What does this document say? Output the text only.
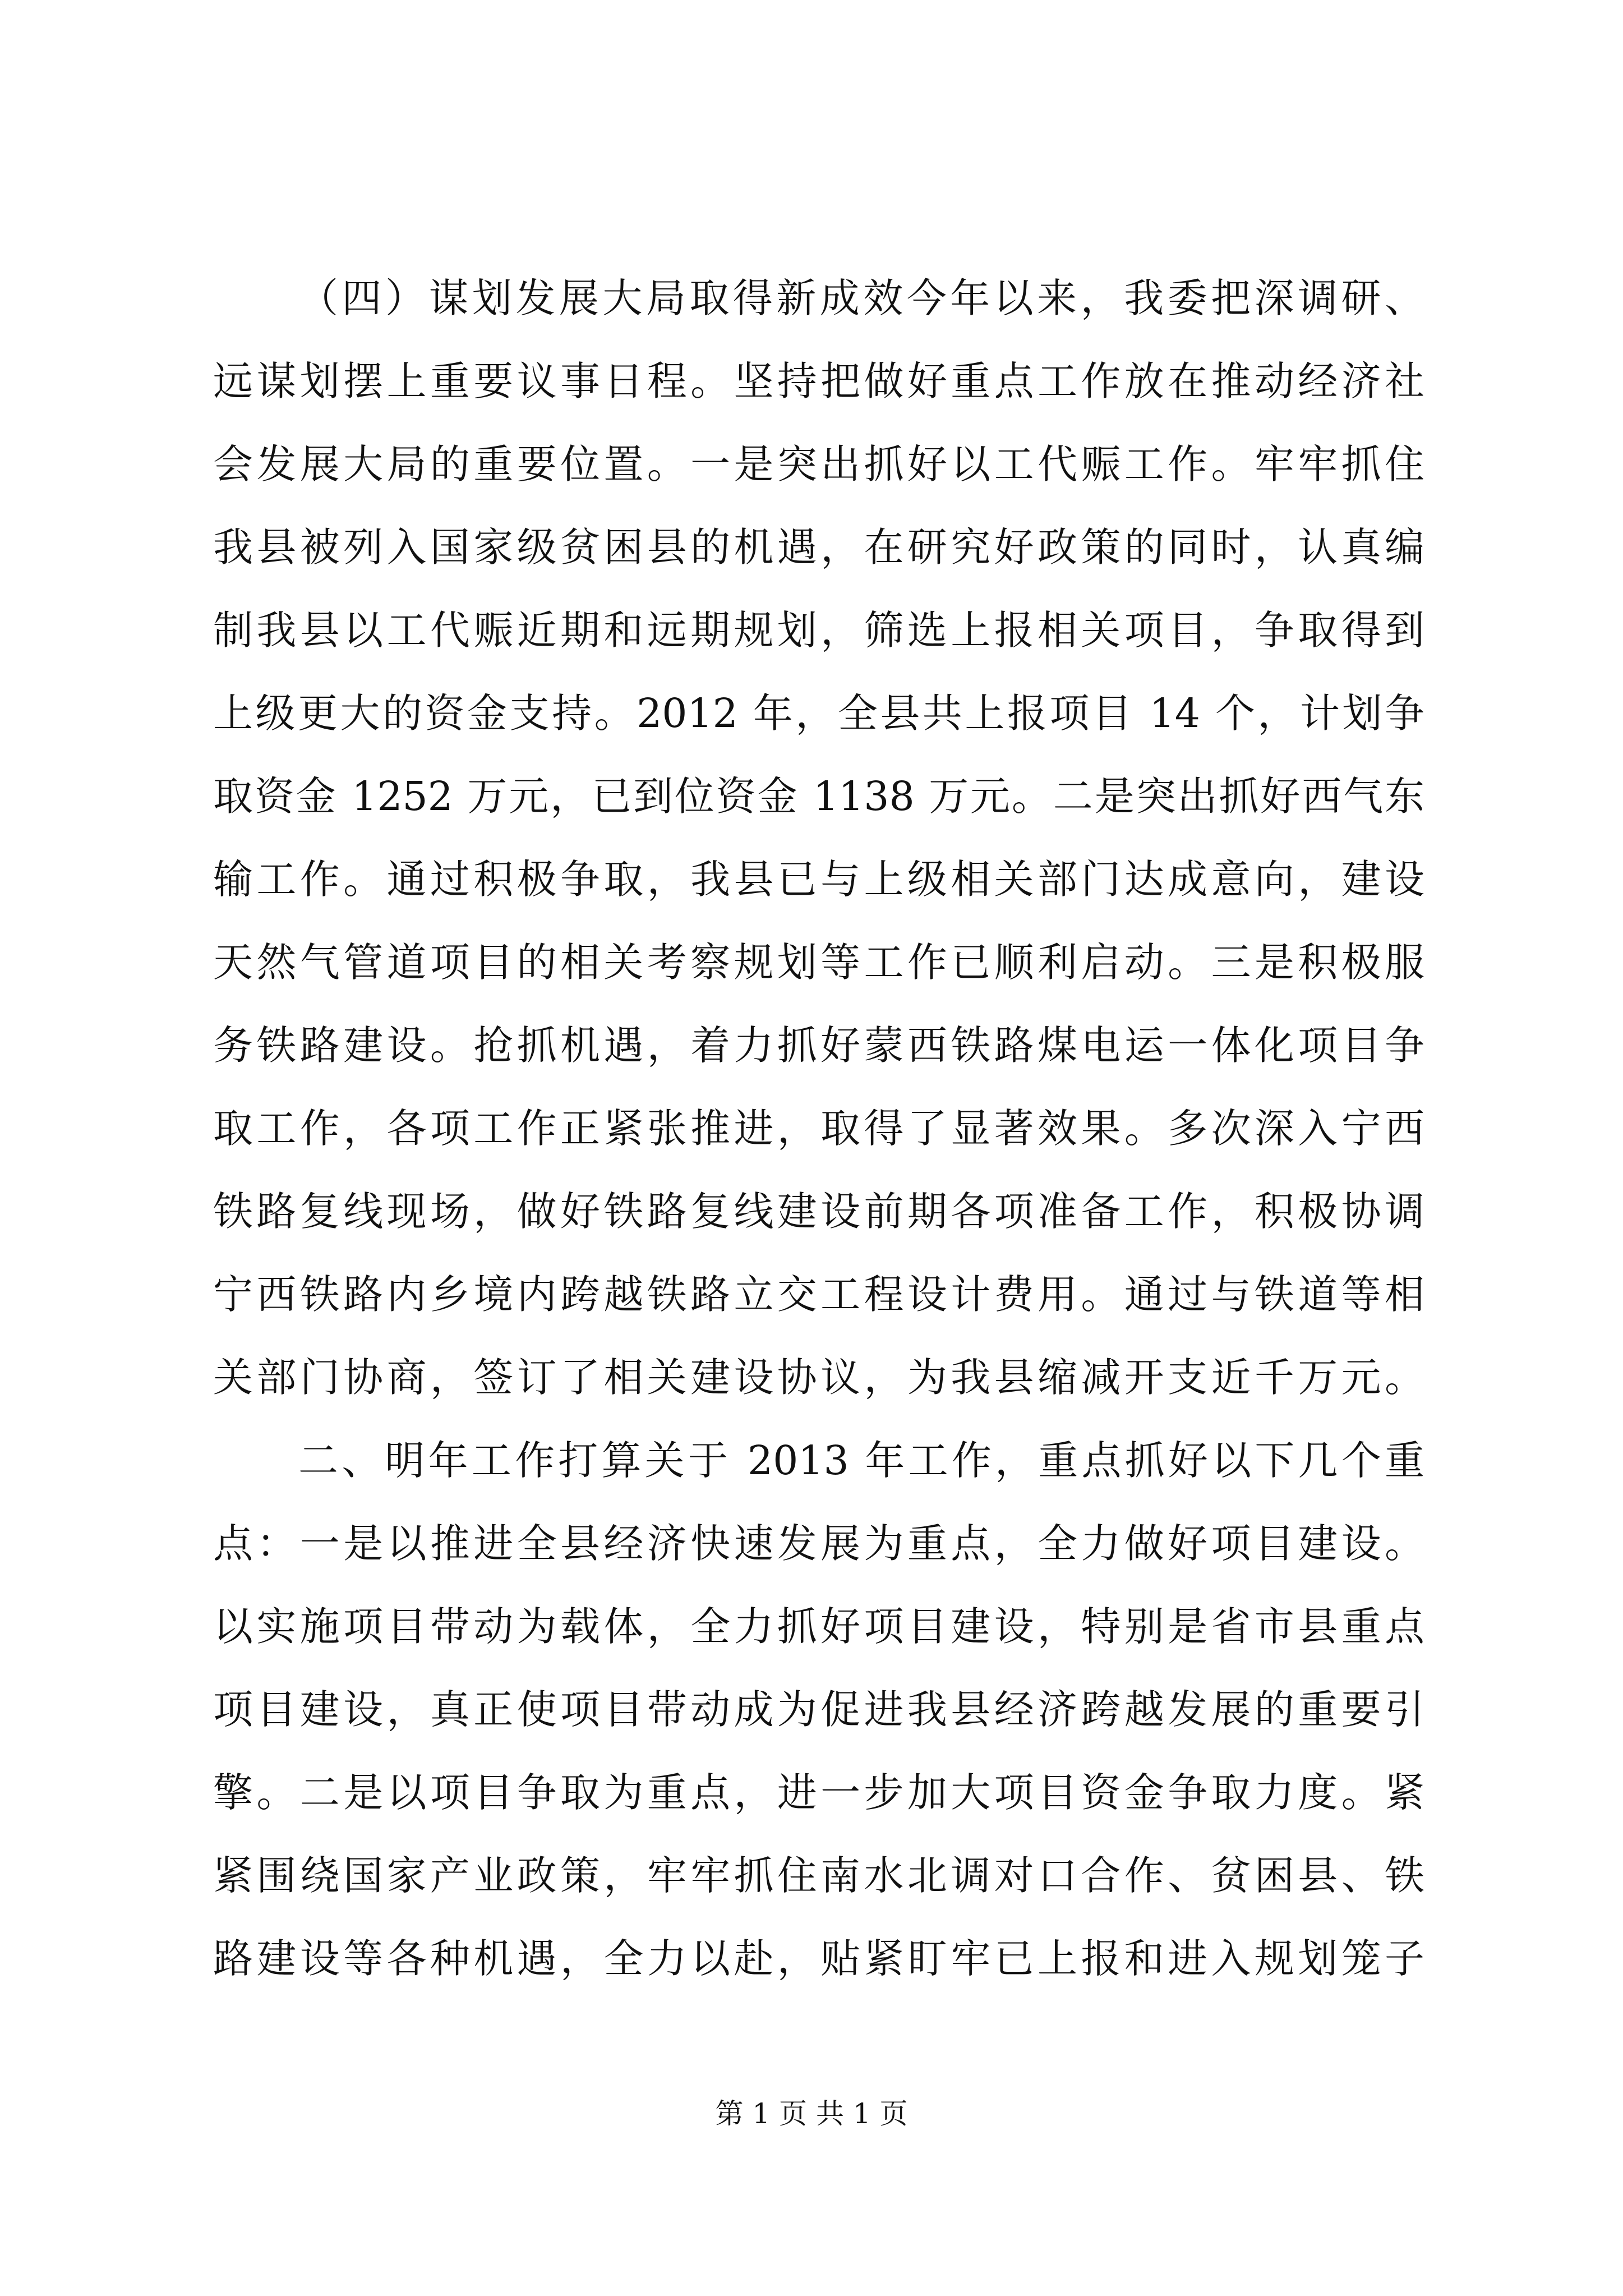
（四）谋划发展大局取得新成效今年以来，我委把深调研、
远谋划摆上重要议事日程。坚持把做好重点工作放在推动经济社
会发展大局的重要位置。一是突出抓好以工代赈工作。牢牢抓住
我县被列入国家级贫困县的机遇，在研究好政策的同时，认真编
制我县以工代赈近期和远期规划，筛选上报相关项目，争取得到
上级更大的资金支持。2012 年，全县共上报项目 14 个，计划争
取资金 1252 万元，已到位资金 1138 万元。二是突出抓好西气东
输工作。通过积极争取，我县已与上级相关部门达成意向，建设
天然气管道项目的相关考察规划等工作已顺利启动。三是积极服
务铁路建设。抢抓机遇，着力抓好蒙西铁路煤电运一体化项目争
取工作，各项工作正紧张推进，取得了显著效果。多次深入宁西
铁路复线现场，做好铁路复线建设前期各项准备工作，积极协调
宁西铁路内乡境内跨越铁路立交工程设计费用。通过与铁道等相
关部门协商，签订了相关建设协议，为我县缩减开支近千万元。
二、明年工作打算关于 2013 年工作，重点抓好以下几个重
点：一是以推进全县经济快速发展为重点，全力做好项目建设。
以实施项目带动为载体，全力抓好项目建设，特别是省市县重点
项目建设，真正使项目带动成为促进我县经济跨越发展的重要引
擎。二是以项目争取为重点，进一步加大项目资金争取力度。紧
紧围绕国家产业政策，牢牢抓住南水北调对口合作、贫困县、铁
路建设等各种机遇，全力以赴，贴紧盯牢已上报和进入规划笼子
第 1 页 共 1 页
